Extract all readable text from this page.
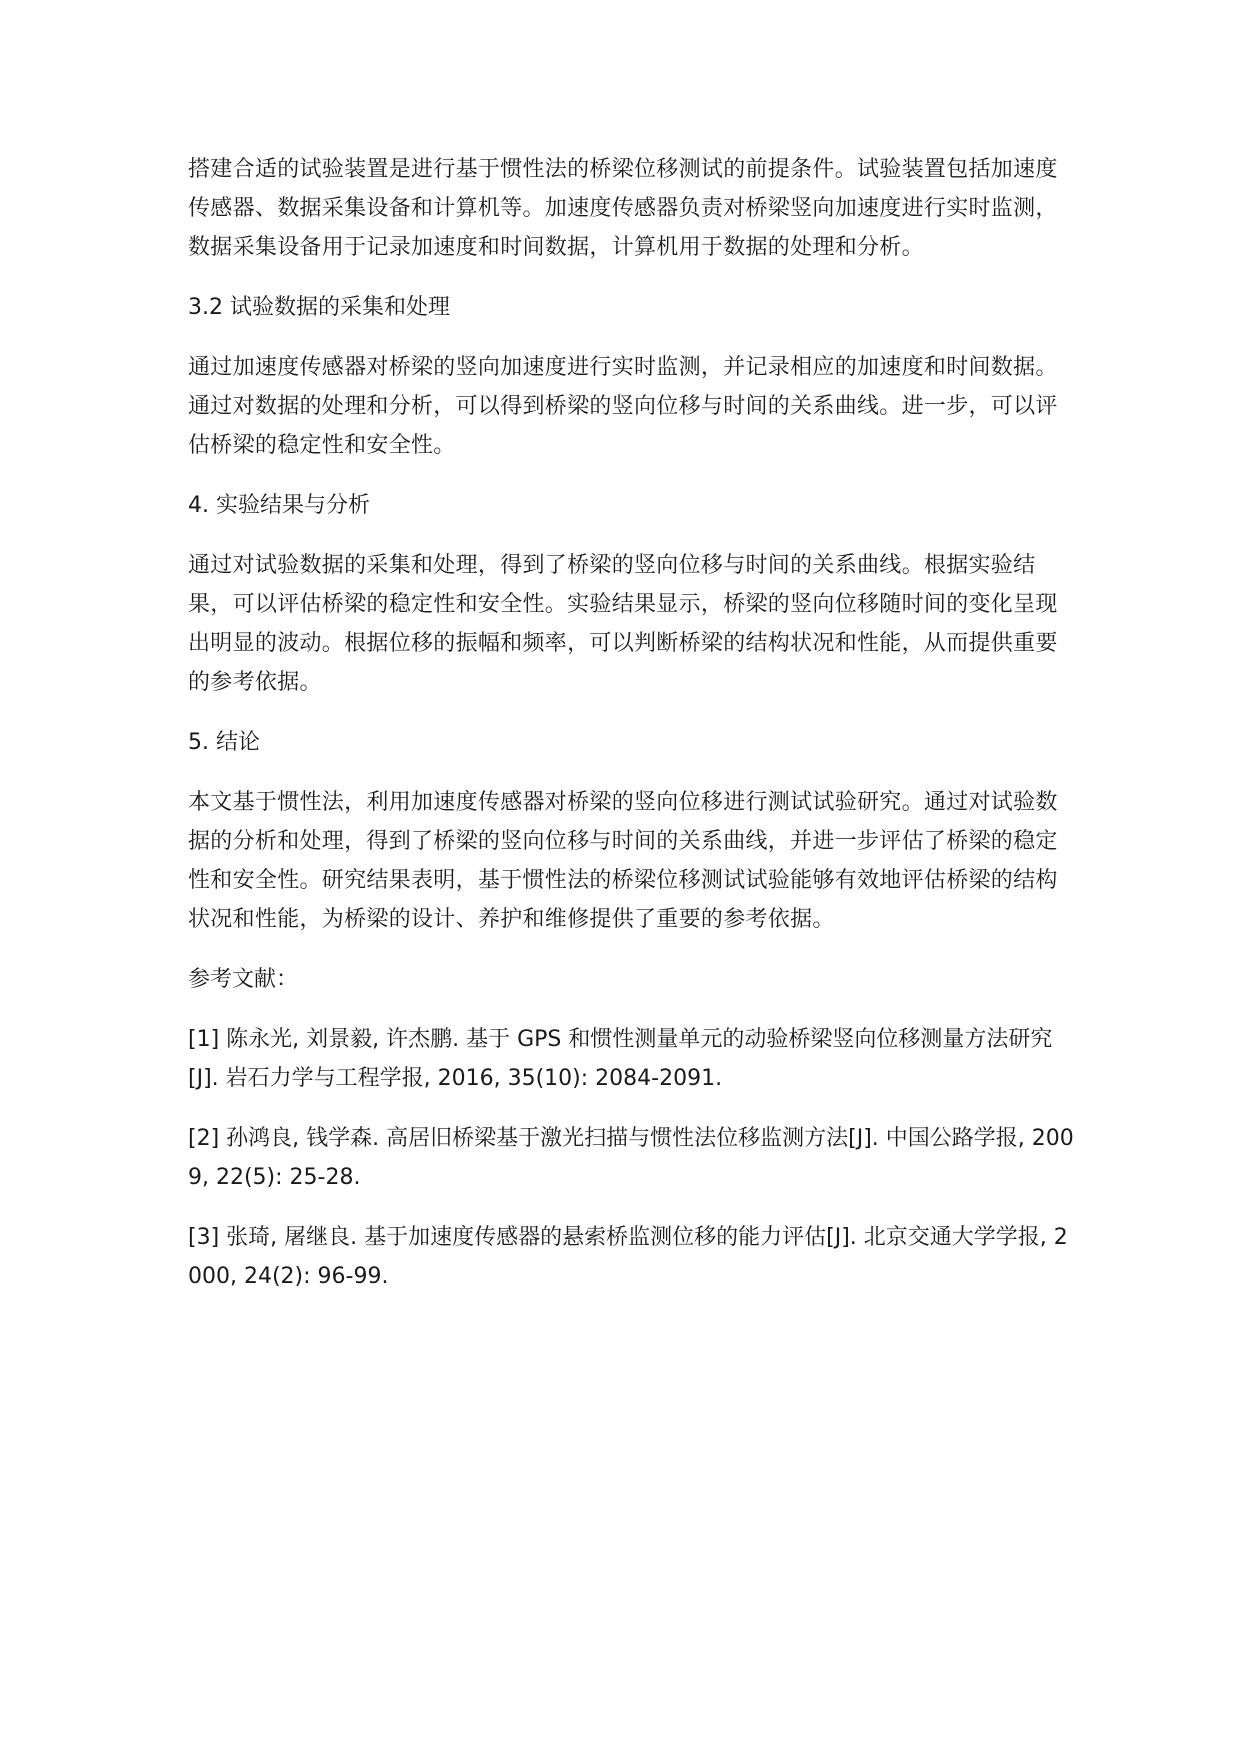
搭建合适的试验装置是进行基于惯性法的桥梁位移测试的前提条件。试验装置包括加速度传感器、数据采集设备和计算机等。加速度传感器负责对桥梁竖向加速度进行实时监测，数据采集设备用于记录加速度和时间数据，计算机用于数据的处理和分析。

3.2 试验数据的采集和处理

通过加速度传感器对桥梁的竖向加速度进行实时监测，并记录相应的加速度和时间数据。通过对数据的处理和分析，可以得到桥梁的竖向位移与时间的关系曲线。进一步，可以评估桥梁的稳定性和安全性。

4. 实验结果与分析

通过对试验数据的采集和处理，得到了桥梁的竖向位移与时间的关系曲线。根据实验结果，可以评估桥梁的稳定性和安全性。实验结果显示，桥梁的竖向位移随时间的变化呈现出明显的波动。根据位移的振幅和频率，可以判断桥梁的结构状况和性能，从而提供重要的参考依据。

5. 结论

本文基于惯性法，利用加速度传感器对桥梁的竖向位移进行测试试验研究。通过对试验数据的分析和处理，得到了桥梁的竖向位移与时间的关系曲线，并进一步评估了桥梁的稳定性和安全性。研究结果表明，基于惯性法的桥梁位移测试试验能够有效地评估桥梁的结构状况和性能，为桥梁的设计、养护和维修提供了重要的参考依据。

参考文献：

[1] 陈永光, 刘景毅, 许杰鹏. 基于 GPS 和惯性测量单元的动验桥梁竖向位移测量方法研究[J]. 岩石力学与工程学报, 2016, 35(10): 2084-2091.

[2] 孙鸿良, 钱学森. 高居旧桥梁基于激光扫描与惯性法位移监测方法[J]. 中国公路学报, 2009, 22(5): 25-28.

[3] 张琦, 屠继良. 基于加速度传感器的悬索桥监测位移的能力评估[J]. 北京交通大学学报, 2000, 24(2): 96-99.
